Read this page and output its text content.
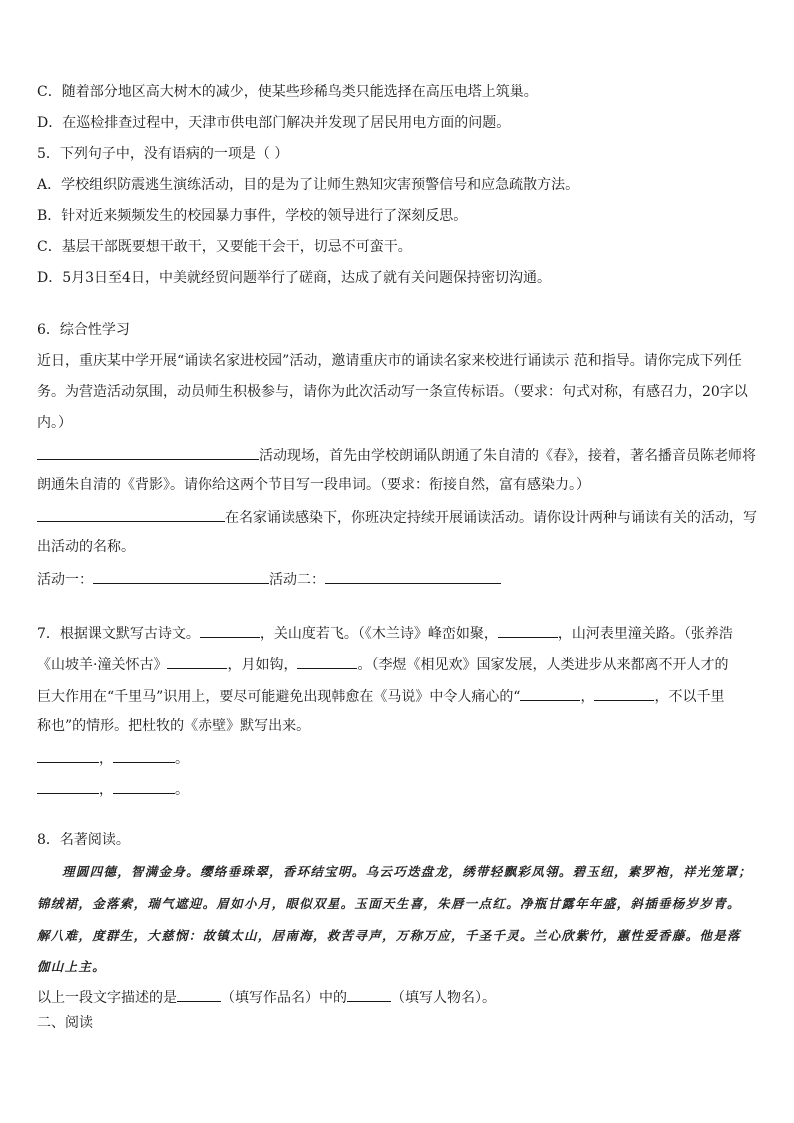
C．随着部分地区高大树木的减少，使某些珍稀鸟类只能选择在高压电塔上筑巢。
D．在巡检排查过程中，天津市供电部门解决并发现了居民用电方面的问题。
5．下列句子中，没有语病的一项是（ ）
A．学校组织防震逃生演练活动，目的是为了让师生熟知灾害预警信号和应急疏散方法。
B．针对近来频频发生的校园暴力事件，学校的领导进行了深刻反思。
C．基层干部既要想干敢干，又要能干会干，切忌不可蛮干。
D．5月3日至4日，中美就经贸问题举行了磋商，达成了就有关问题保持密切沟通。
6．综合性学习
近日，重庆某中学开展“诵读名家进校园”活动，邀请重庆市的诵读名家来校进行诵读示 范和指导。请你完成下列任
务。为营造活动氛围，动员师生积极参与，请你为此次活动写一条宣传标语。（要求：句式对称，有感召力，20字以
内。）
活动现场，首先由学校朗诵队朗通了朱自清的《春》，接着，著名播音员陈老师将
朗通朱自清的《背影》。请你给这两个节目写一段串词。（要求：衔接自然，富有感染力。）
在名家诵读感染下，你班决定持续开展诵读活动。请你设计两种与诵读有关的活动，写
出活动的名称。
活动一：	活动二：
7．根据课文默写古诗文。	，关山度若飞。（《木兰诗》峰峦如聚，	，山河表里潼关路。（张养浩
《山坡羊·潼关怀古》	，月如钩，	。（李煜《相见欢》国家发展，人类进步从来都离不开人才的
巨大作用在“千里马”识用上，要尽可能避免出现韩愈在《马说》中令人痛心的“	，	，不以千里
称也”的情形。把杜牧的《赤壁》默写出来。
，	。
，	。
8．名著阅读。
理圆四德，智满金身。缨络垂珠翠，香环结宝明。乌云巧迭盘龙，绣带轻飘彩凤翎。碧玉纽，素罗袍，祥光笼罩；
锦绒裙，金落索，瑞气遮迎。眉如小月，眼似双星。玉面天生喜，朱唇一点红。净瓶甘露年年盛，斜插垂杨岁岁青。
解八难，度群生，大慈悯：故镇太山，居南海，救苦寻声，万称万应，千圣千灵。兰心欣紫竹，蕙性爱香藤。他是落
伽山上主。
以上一段文字描述的是	（填写作品名）中的	（填写人物名）。
二、阅读
